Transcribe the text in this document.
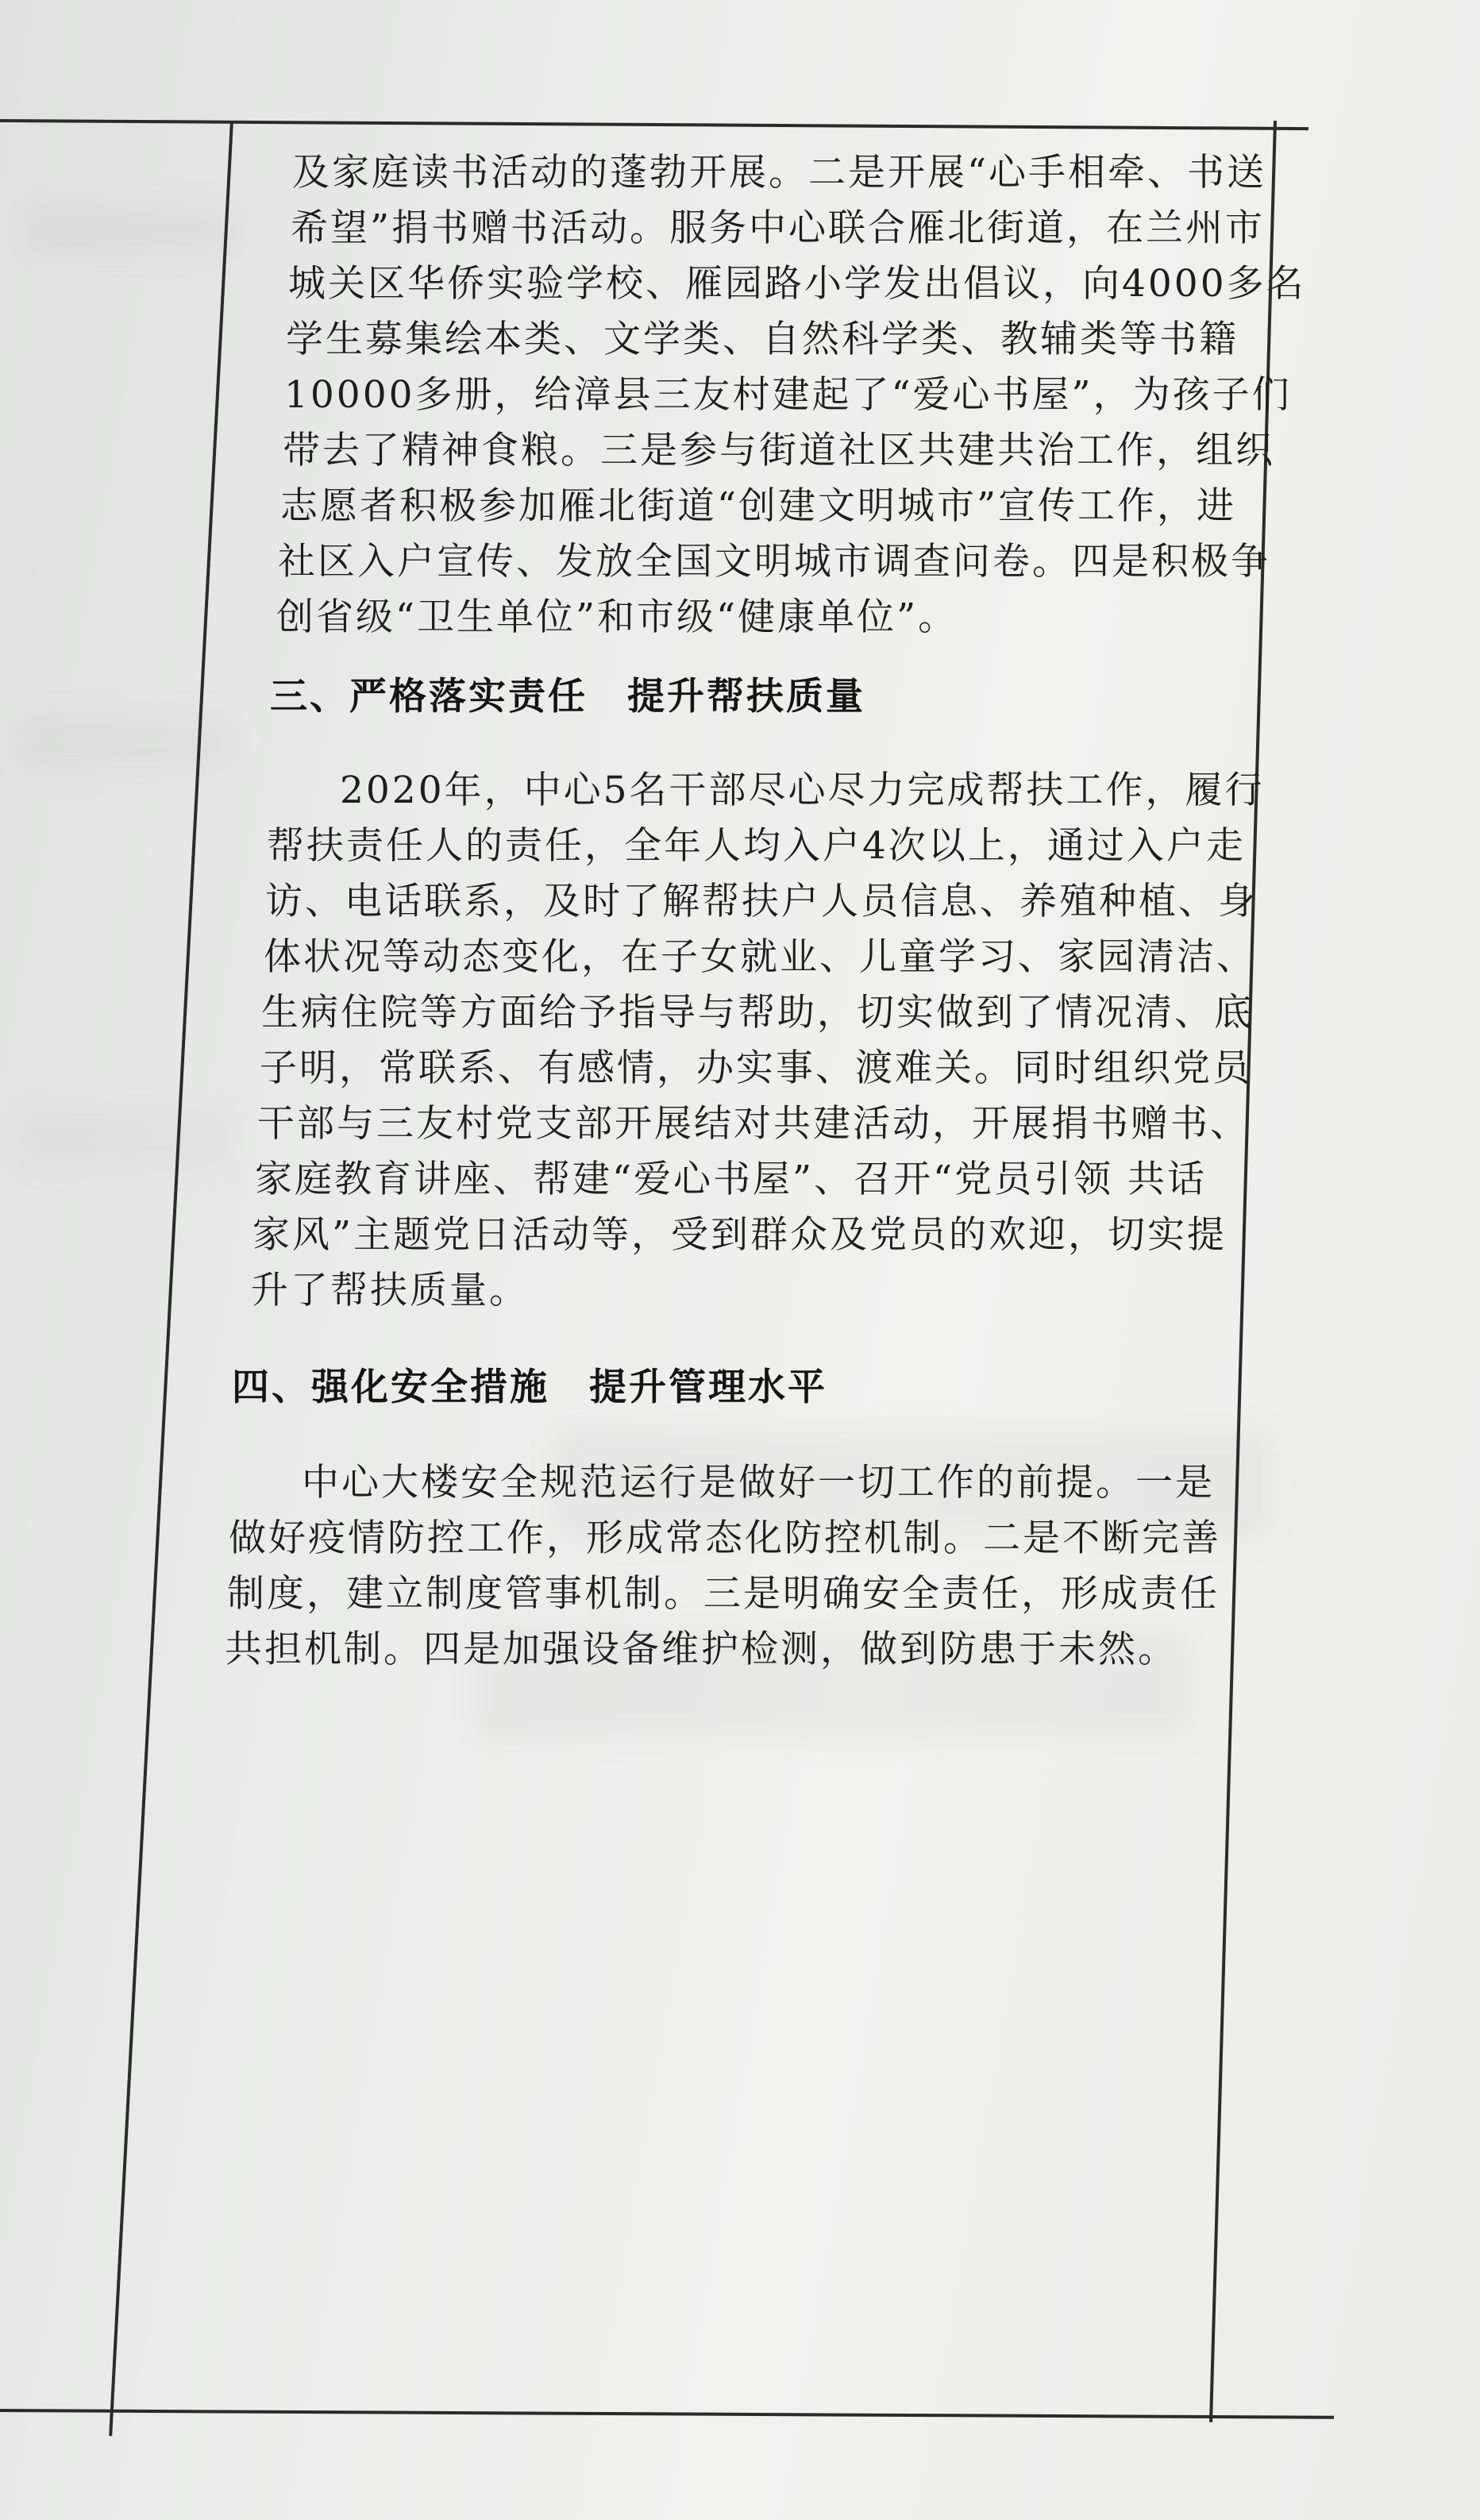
及家庭读书活动的蓬勃开展。二是开展“心手相牵、书送
希望”捐书赠书活动。服务中心联合雁北街道，在兰州市
城关区华侨实验学校、雁园路小学发出倡议，向4000多名
学生募集绘本类、文学类、自然科学类、教辅类等书籍
10000多册，给漳县三友村建起了“爱心书屋”，为孩子们
带去了精神食粮。三是参与街道社区共建共治工作，组织
志愿者积极参加雁北街道“创建文明城市”宣传工作，进
社区入户宣传、发放全国文明城市调查问卷。四是积极争
创省级“卫生单位”和市级“健康单位”。
三、严格落实责任　提升帮扶质量
2020年，中心5名干部尽心尽力完成帮扶工作，履行
帮扶责任人的责任，全年人均入户4次以上，通过入户走
访、电话联系，及时了解帮扶户人员信息、养殖种植、身
体状况等动态变化，在子女就业、儿童学习、家园清洁、
生病住院等方面给予指导与帮助，切实做到了情况清、底
子明，常联系、有感情，办实事、渡难关。同时组织党员
干部与三友村党支部开展结对共建活动，开展捐书赠书、
家庭教育讲座、帮建“爱心书屋”、召开“党员引领 共话
家风”主题党日活动等，受到群众及党员的欢迎，切实提
升了帮扶质量。
四、强化安全措施　提升管理水平
中心大楼安全规范运行是做好一切工作的前提。一是
做好疫情防控工作，形成常态化防控机制。二是不断完善
制度，建立制度管事机制。三是明确安全责任，形成责任
共担机制。四是加强设备维护检测，做到防患于未然。
